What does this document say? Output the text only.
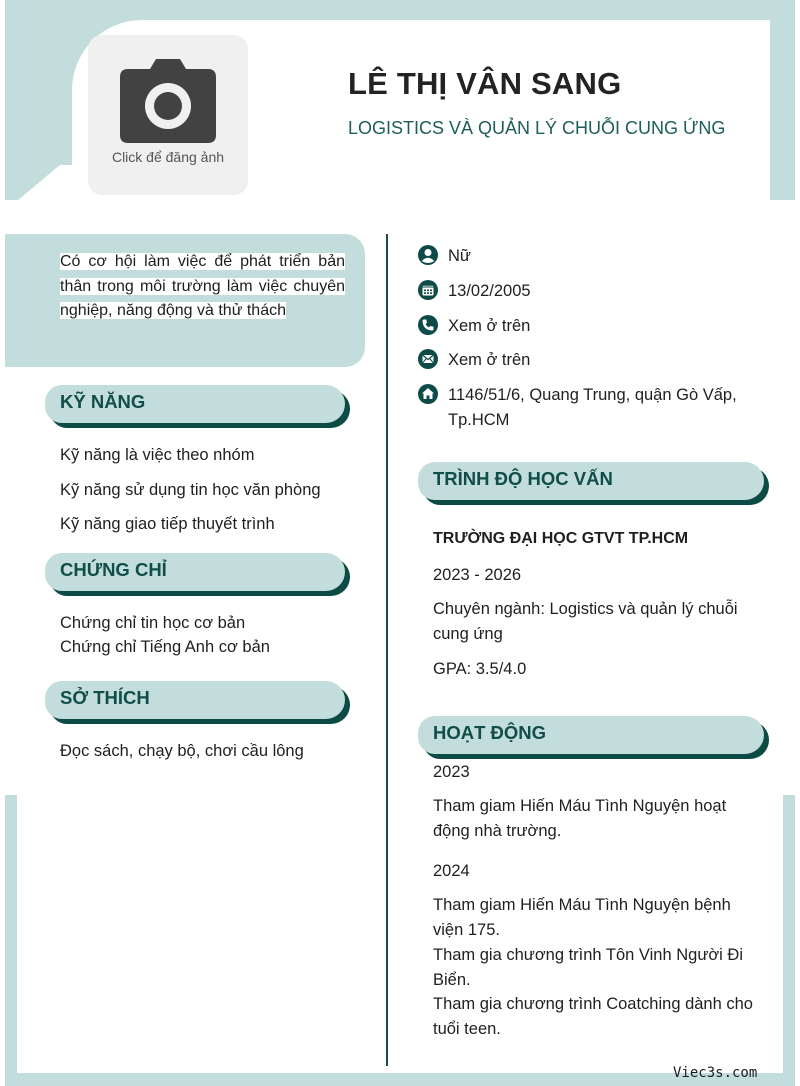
Click để đăng ảnh
LÊ THỊ VÂN SANG
LOGISTICS VÀ QUẢN LÝ CHUỖI CUNG ỨNG

Có cơ hội làm việc để phát triển bản thân trong môi trường làm việc chuyên nghiệp, năng động và thử thách

KỸ NĂNG
Kỹ năng là việc theo nhóm
Kỹ năng sử dụng tin học văn phòng
Kỹ năng giao tiếp thuyết trình
CHỨNG CHỈ
Chứng chỉ tin học cơ bản
Chứng chỉ Tiếng Anh cơ bản
SỞ THÍCH
Đọc sách, chạy bộ, chơi cầu lông
Nữ
13/02/2005
Xem ở trên
Xem ở trên
1146/51/6, Quang Trung, quận Gò Vấp, Tp.HCM
TRÌNH ĐỘ HỌC VẤN
TRƯỜNG ĐẠI HỌC GTVT TP.HCM
2023 - 2026
Chuyên ngành: Logistics và quản lý chuỗi cung ứng
GPA: 3.5/4.0
HOẠT ĐỘNG
2023
Tham giam Hiến Máu Tình Nguyện hoạt động nhà trường.
2024
Tham giam Hiến Máu Tình Nguyện bệnh viện 175.
Tham gia chương trình Tôn Vinh Người Đi Biển.
Tham gia chương trình Coatching dành cho tuổi teen.
Viec3s.com
